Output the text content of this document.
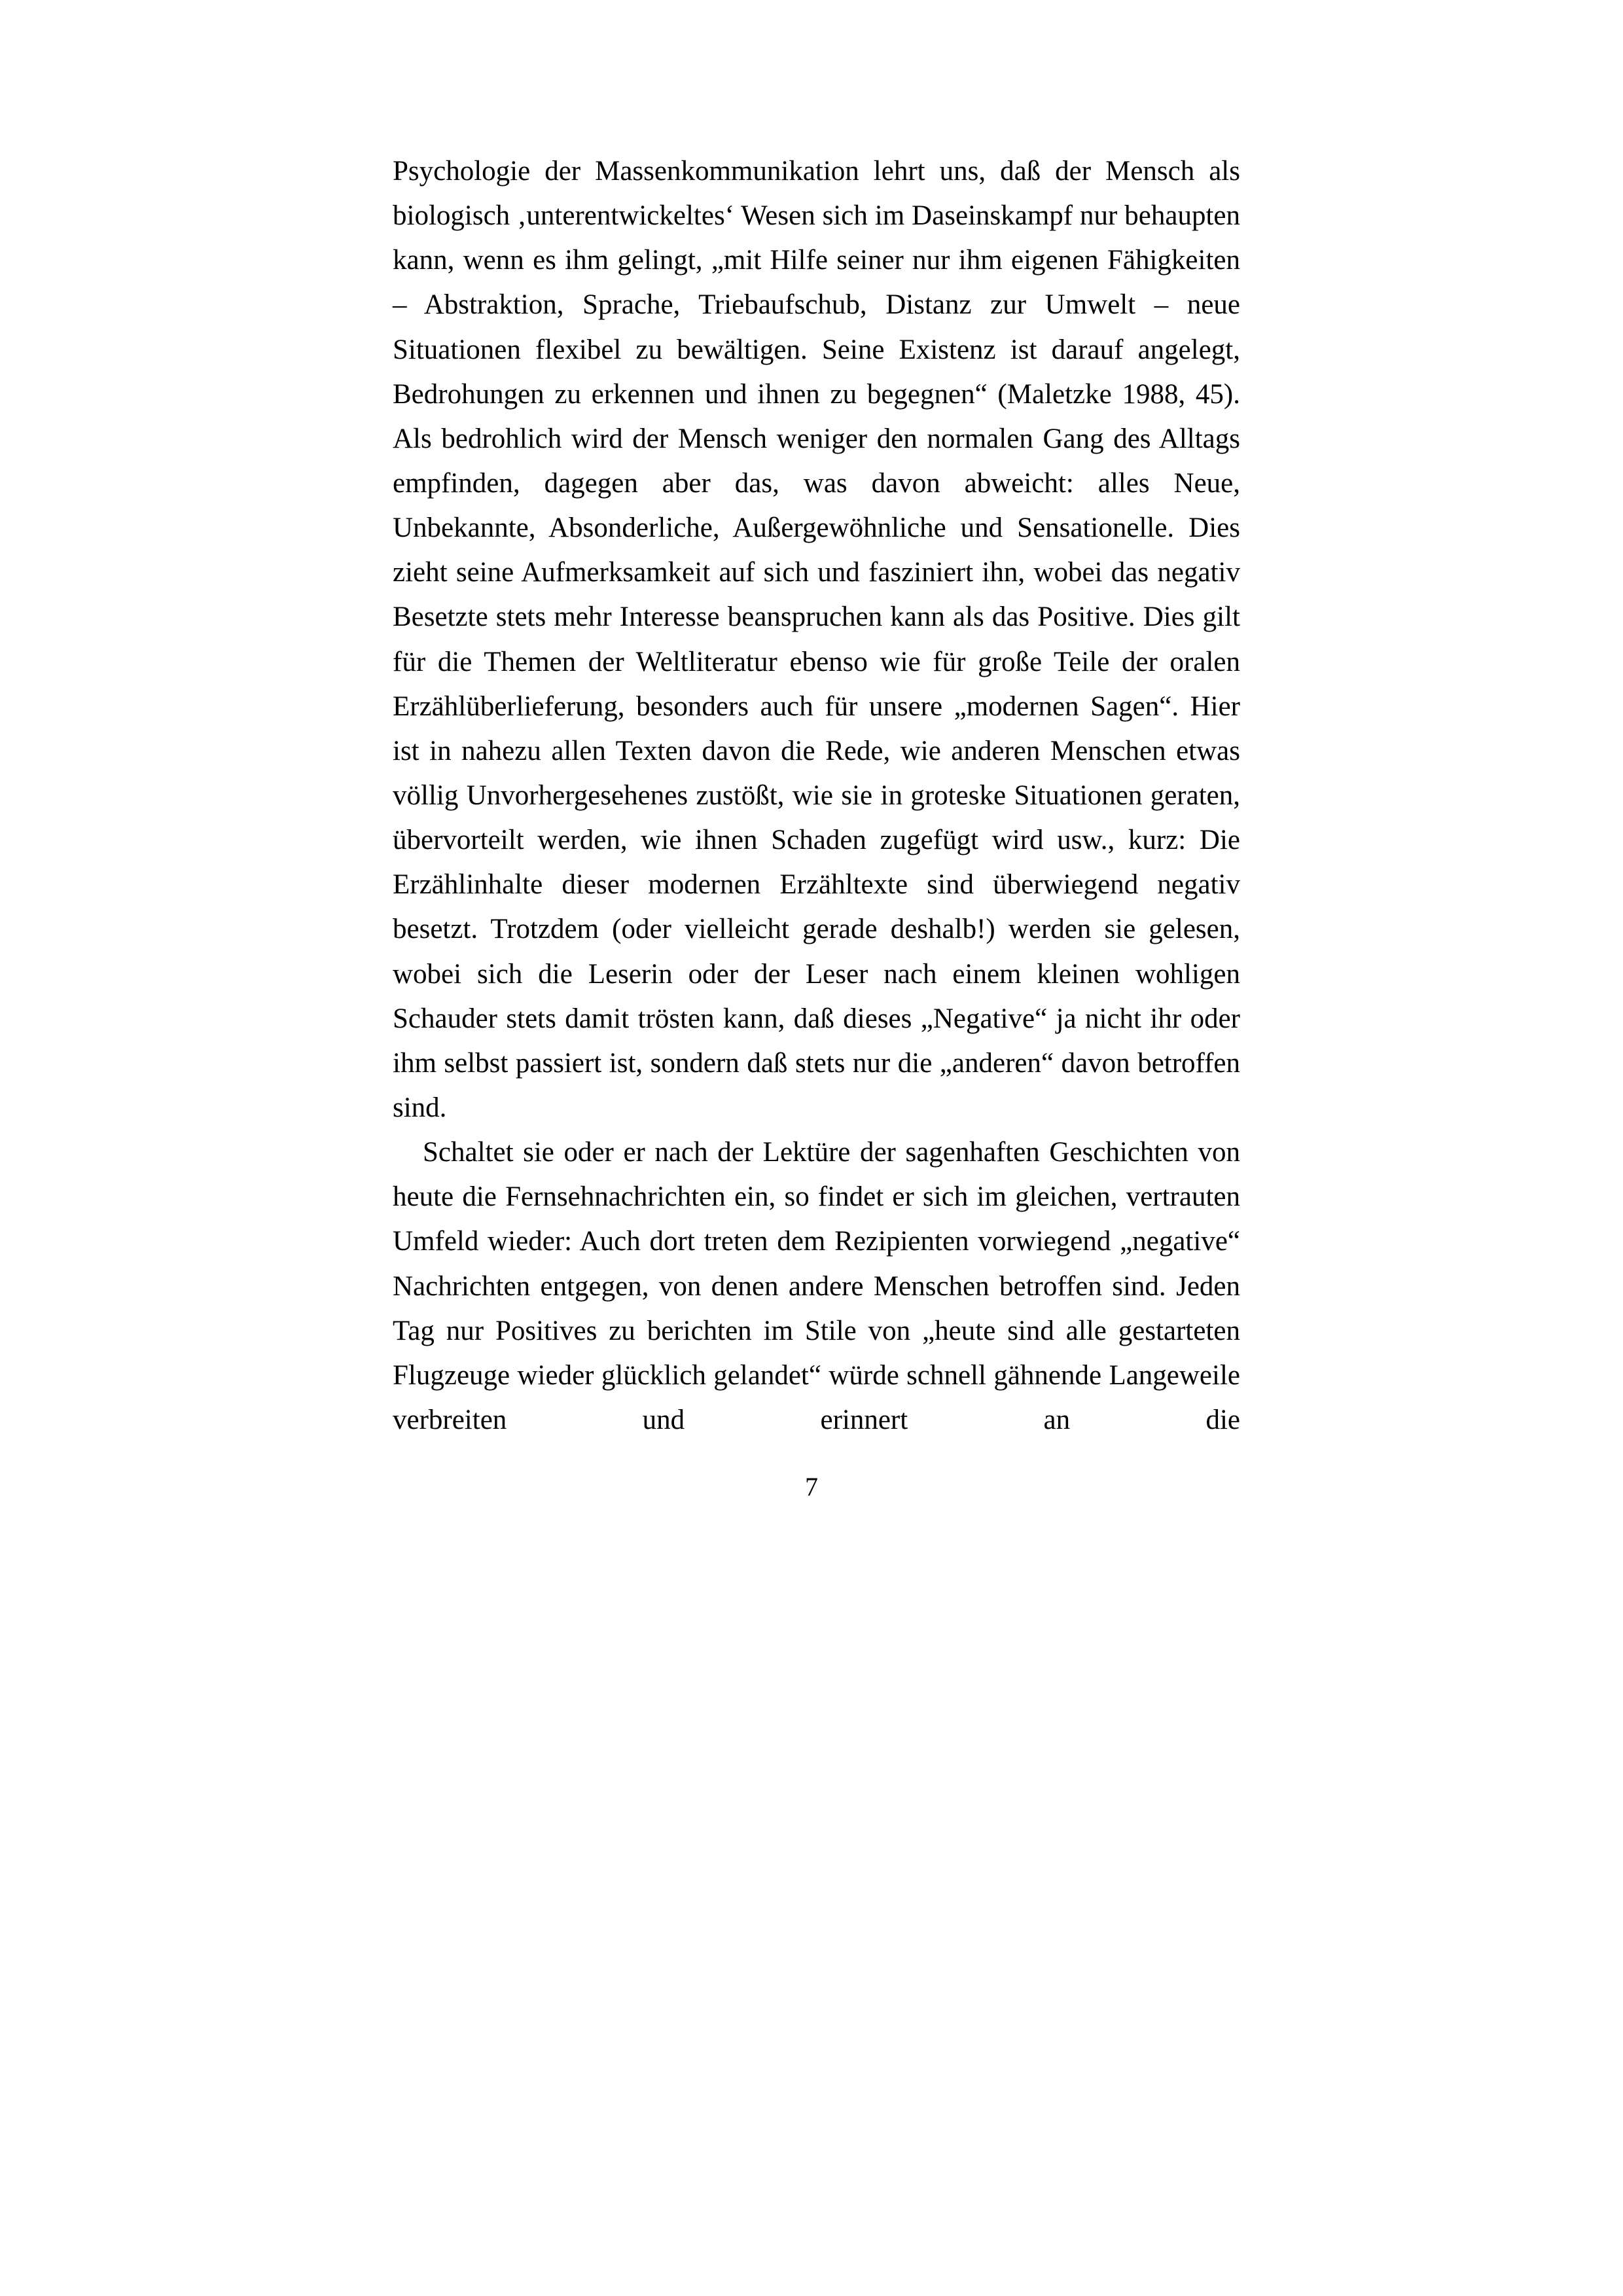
Psychologie der Massenkommunikation lehrt uns, daß der Mensch als biologisch ‚unterentwickeltes‘ Wesen sich im Daseinskampf nur behaupten kann, wenn es ihm gelingt, „mit Hilfe seiner nur ihm eigenen Fähigkeiten – Abstraktion, Sprache, Triebaufschub, Distanz zur Umwelt – neue Situationen flexibel zu bewältigen. Seine Existenz ist darauf angelegt, Bedrohungen zu erkennen und ihnen zu begegnen“ (Maletzke 1988, 45). Als bedrohlich wird der Mensch weniger den normalen Gang des Alltags empfinden, dagegen aber das, was davon abweicht: alles Neue, Unbekannte, Absonderliche, Außergewöhnliche und Sensationelle. Dies zieht seine Aufmerksamkeit auf sich und fasziniert ihn, wobei das negativ Besetzte stets mehr Interesse beanspruchen kann als das Positive. Dies gilt für die Themen der Weltliteratur ebenso wie für große Teile der oralen Erzählüberlieferung, besonders auch für unsere „modernen Sagen“. Hier ist in nahezu allen Texten davon die Rede, wie anderen Menschen etwas völlig Unvorhergesehenes zustößt, wie sie in groteske Situationen geraten, übervorteilt werden, wie ihnen Schaden zugefügt wird usw., kurz: Die Erzählinhalte dieser modernen Erzähltexte sind überwiegend negativ besetzt. Trotzdem (oder vielleicht gerade deshalb!) werden sie gelesen, wobei sich die Leserin oder der Leser nach einem kleinen wohligen Schauder stets damit trösten kann, daß dieses „Negative“ ja nicht ihr oder ihm selbst passiert ist, sondern daß stets nur die „anderen“ davon betroffen sind.

Schaltet sie oder er nach der Lektüre der sagenhaften Geschichten von heute die Fernsehnachrichten ein, so findet er sich im gleichen, vertrauten Umfeld wieder: Auch dort treten dem Rezipienten vorwiegend „negative“ Nachrichten entgegen, von denen andere Menschen betroffen sind. Jeden Tag nur Positives zu berichten im Stile von „heute sind alle gestarteten Flugzeuge wieder glücklich gelandet“ würde schnell gähnende Langeweile verbreiten und erinnert an die

7
